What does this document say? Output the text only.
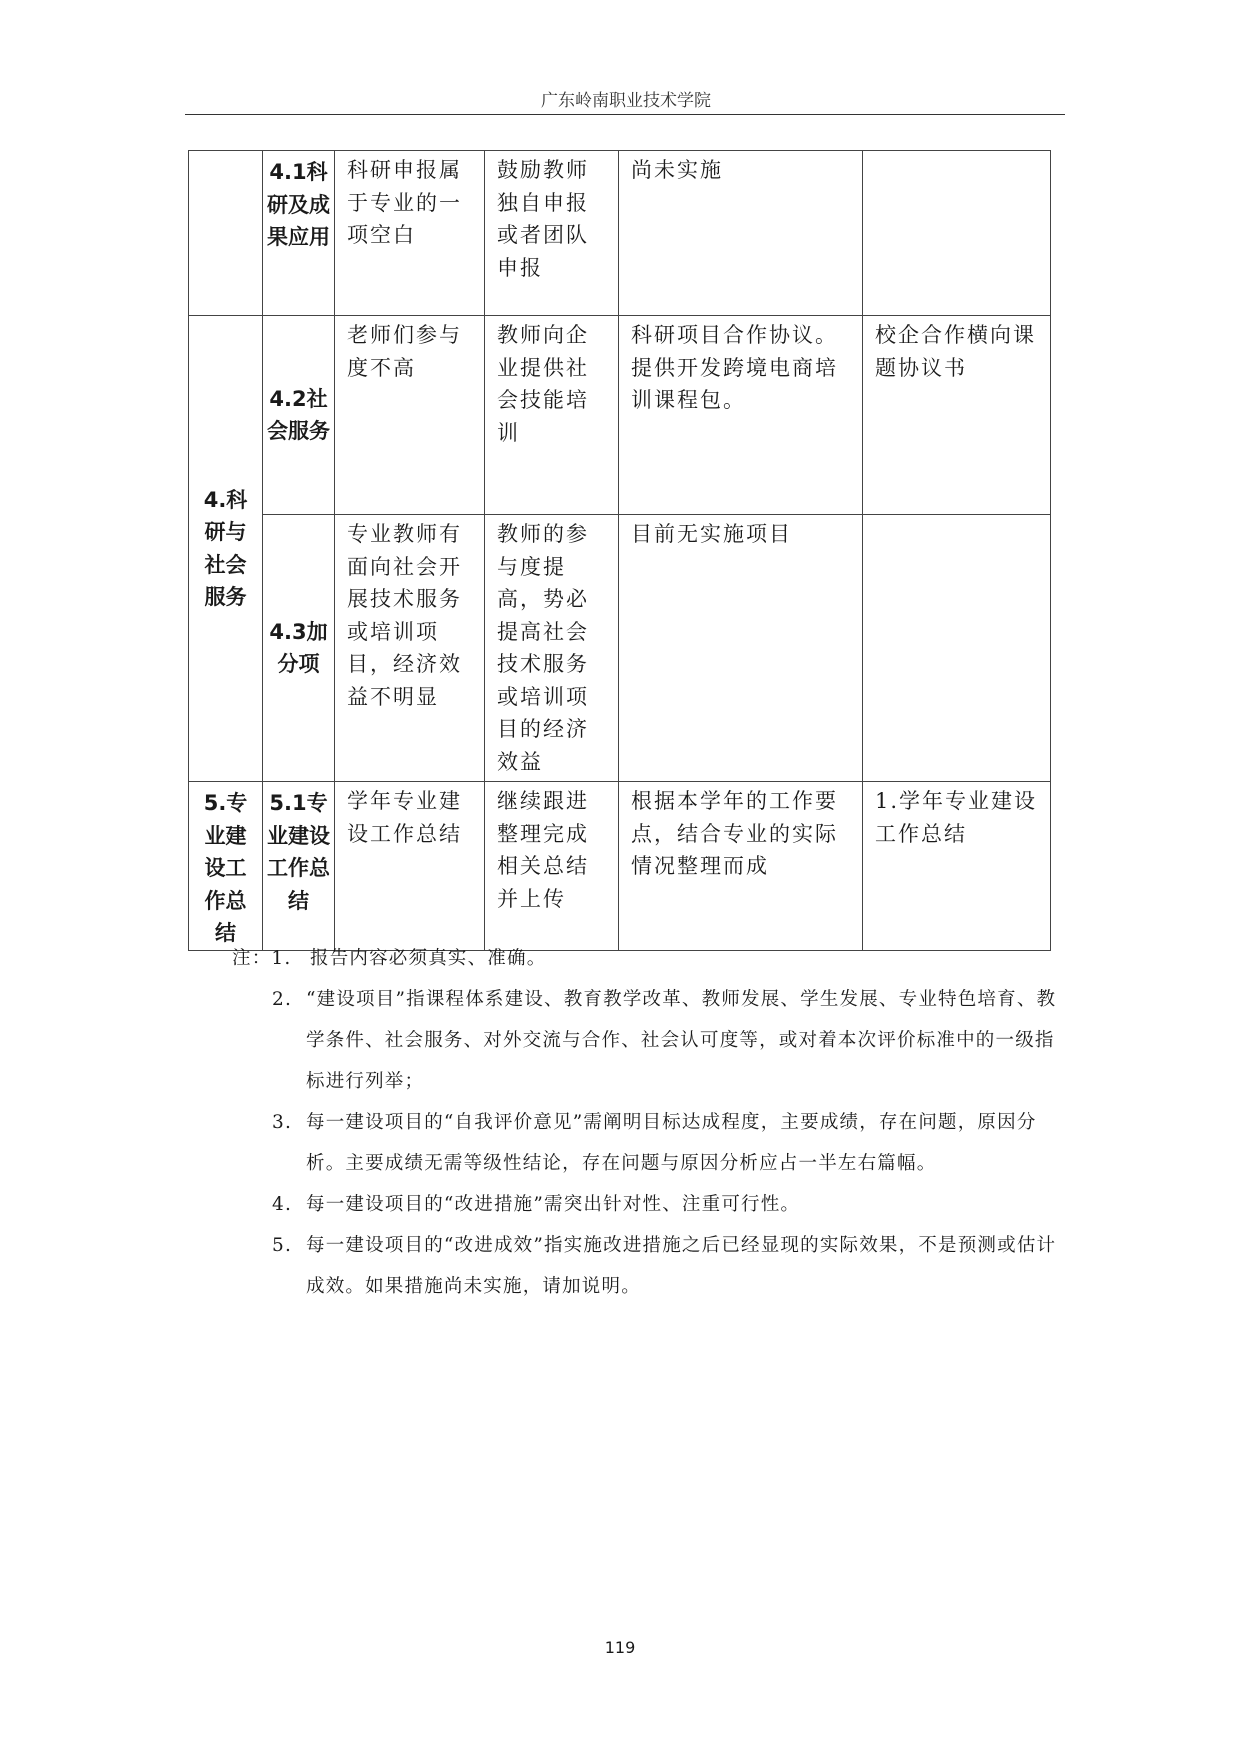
广东岭南职业技术学院

	4.1科研及成果应用	科研申报属于专业的一项空白	鼓励教师独自申报或者团队申报	尚未实施	

4.科研与社会服务	4.2社会服务	老师们参与度不高	教师向企业提供社会技能培训	科研项目合作协议。提供开发跨境电商培训课程包。	校企合作横向课题协议书

	4.3加分项	专业教师有面向社会开展技术服务或培训项目，经济效益不明显	教师的参与度提高，势必提高社会技术服务或培训项目的经济效益	目前无实施项目	

5.专业建设工作总结	5.1专业建设工作总结	学年专业建设工作总结	继续跟进整理完成相关总结并上传	根据本学年的工作要点，结合专业的实际情况整理而成	1.学年专业建设工作总结
注：1.	报告内容必须真实、准确。
2. “建设项目”指课程体系建设、教育教学改革、教师发展、学生发展、专业特色培育、教学条件、社会服务、对外交流与合作、社会认可度等，或对着本次评价标准中的一级指标进行列举；
3. 每一建设项目的“自我评价意见”需阐明目标达成程度，主要成绩，存在问题，原因分析。主要成绩无需等级性结论，存在问题与原因分析应占一半左右篇幅。
4. 每一建设项目的“改进措施”需突出针对性、注重可行性。
5. 每一建设项目的“改进成效”指实施改进措施之后已经显现的实际效果，不是预测或估计成效。如果措施尚未实施，请加说明。
119
